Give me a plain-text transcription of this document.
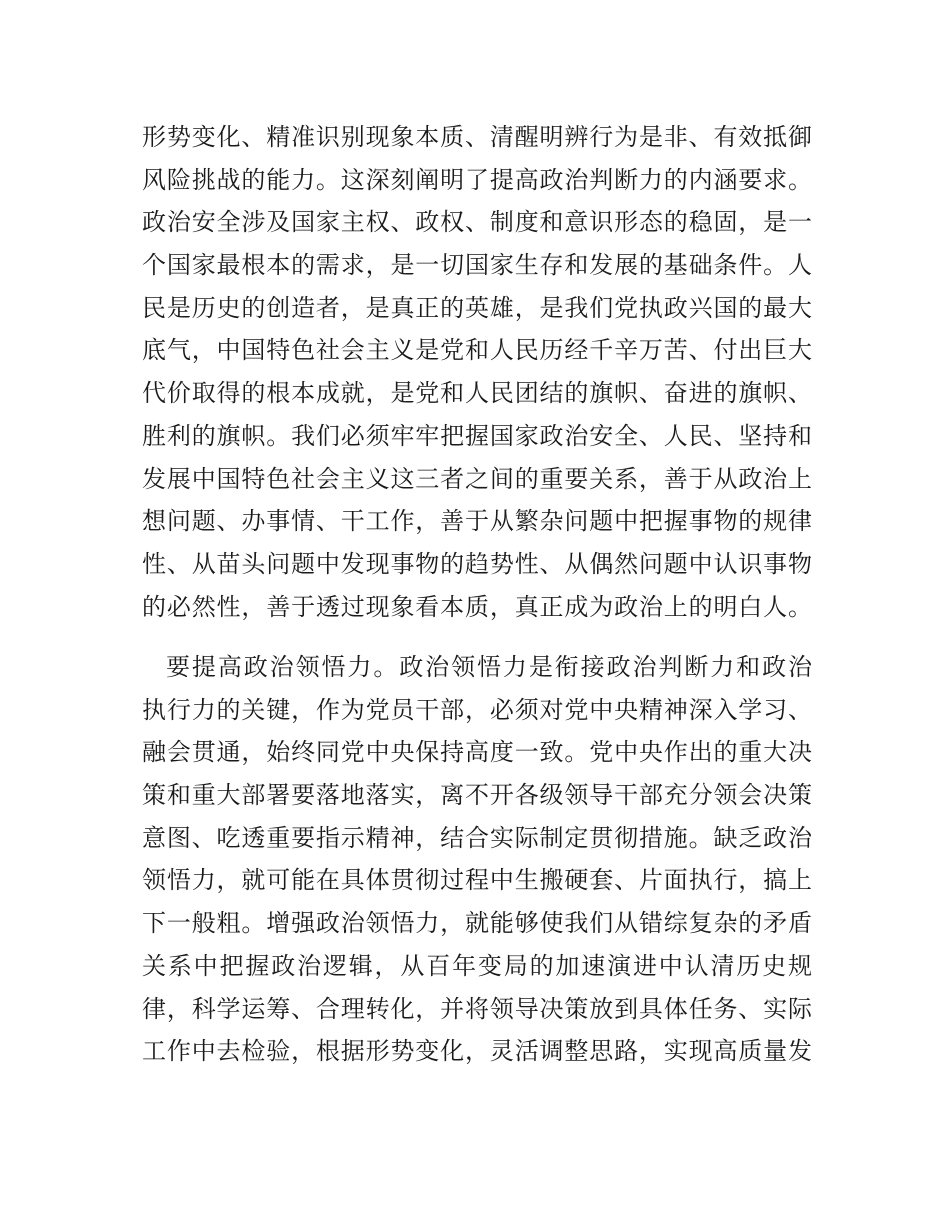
形势变化、精准识别现象本质、清醒明辨行为是非、有效抵御
风险挑战的能力。这深刻阐明了提高政治判断力的内涵要求。
政治安全涉及国家主权、政权、制度和意识形态的稳固，是一
个国家最根本的需求，是一切国家生存和发展的基础条件。人
民是历史的创造者，是真正的英雄，是我们党执政兴国的最大
底气，中国特色社会主义是党和人民历经千辛万苦、付出巨大
代价取得的根本成就，是党和人民团结的旗帜、奋进的旗帜、
胜利的旗帜。我们必须牢牢把握国家政治安全、人民、坚持和
发展中国特色社会主义这三者之间的重要关系，善于从政治上
想问题、办事情、干工作，善于从繁杂问题中把握事物的规律
性、从苗头问题中发现事物的趋势性、从偶然问题中认识事物
的必然性，善于透过现象看本质，真正成为政治上的明白人。
要提高政治领悟力。政治领悟力是衔接政治判断力和政治
执行力的关键，作为党员干部，必须对党中央精神深入学习、
融会贯通，始终同党中央保持高度一致。党中央作出的重大决
策和重大部署要落地落实，离不开各级领导干部充分领会决策
意图、吃透重要指示精神，结合实际制定贯彻措施。缺乏政治
领悟力，就可能在具体贯彻过程中生搬硬套、片面执行，搞上
下一般粗。增强政治领悟力，就能够使我们从错综复杂的矛盾
关系中把握政治逻辑，从百年变局的加速演进中认清历史规
律，科学运筹、合理转化，并将领导决策放到具体任务、实际
工作中去检验，根据形势变化，灵活调整思路，实现高质量发
